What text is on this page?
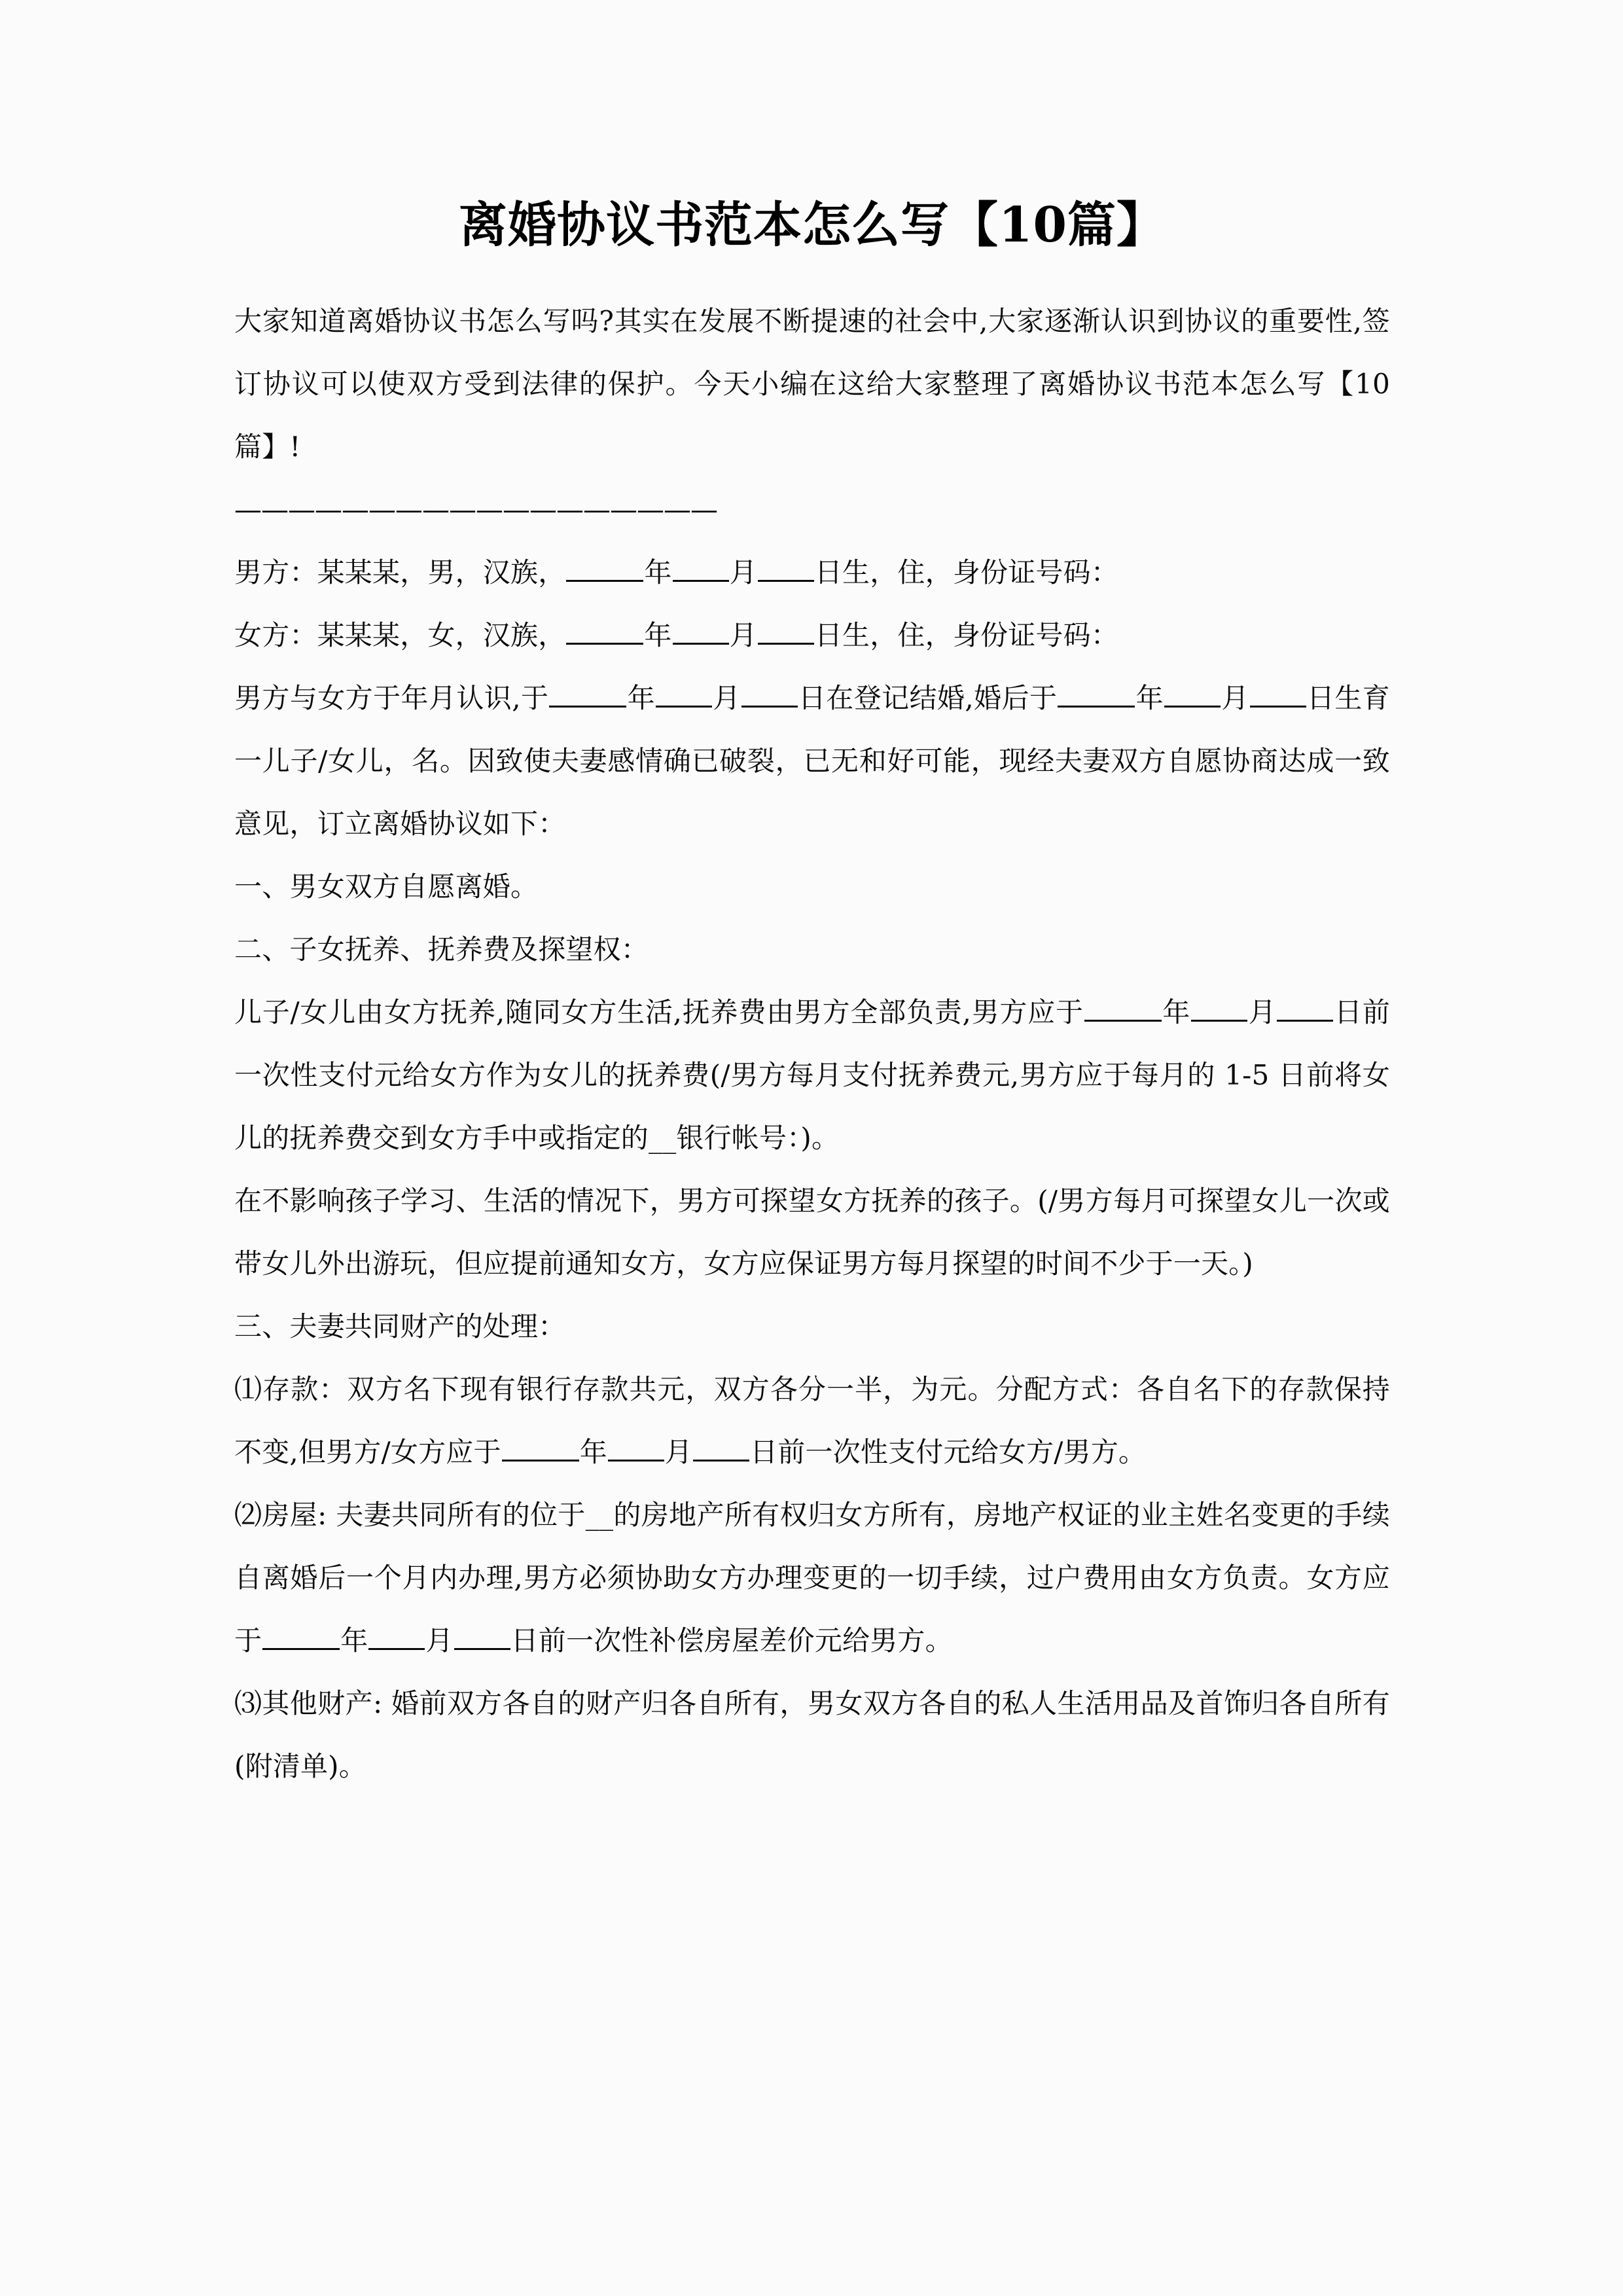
离婚协议书范本怎么写【10篇】

大家知道离婚协议书怎么写吗?其实在发展不断提速的社会中,大家逐渐认识到协议的重要性,签订协议可以使双方受到法律的保护。今天小编在这给大家整理了离婚协议书范本怎么写【10篇】!

——————————————————

男方：某某某，男，汉族，	年 月 日生，住，身份证号码：

女方：某某某，女，汉族，	年 月 日生，住，身份证号码：

男方与女方于年月认识,于	年 月 日在登记结婚,婚后于	年 月 日生育一儿子/女儿，名。因致使夫妻感情确已破裂，已无和好可能，现经夫妻双方自愿协商达成一致意见，订立离婚协议如下：

一、男女双方自愿离婚。

二、子女抚养、抚养费及探望权：

儿子/女儿由女方抚养,随同女方生活,抚养费由男方全部负责,男方应于	年 月 日前一次性支付元给女方作为女儿的抚养费(/男方每月支付抚养费元,男方应于每月的 1-5 日前将女儿的抚养费交到女方手中或指定的__银行帐号：)。

在不影响孩子学习、生活的情况下，男方可探望女方抚养的孩子。(/男方每月可探望女儿一次或带女儿外出游玩，但应提前通知女方，女方应保证男方每月探望的时间不少于一天。)

三、夫妻共同财产的处理：

⑴存款：双方名下现有银行存款共元，双方各分一半，为元。分配方式：各自名下的存款保持不变,但男方/女方应于	年 月 日前一次性支付元给女方/男方。

⑵房屋: 夫妻共同所有的位于__的房地产所有权归女方所有，房地产权证的业主姓名变更的手续自离婚后一个月内办理,男方必须协助女方办理变更的一切手续，过户费用由女方负责。女方应于	年 月 日前一次性补偿房屋差价元给男方。

⑶其他财产: 婚前双方各自的财产归各自所有，男女双方各自的私人生活用品及首饰归各自所有(附清单)。
